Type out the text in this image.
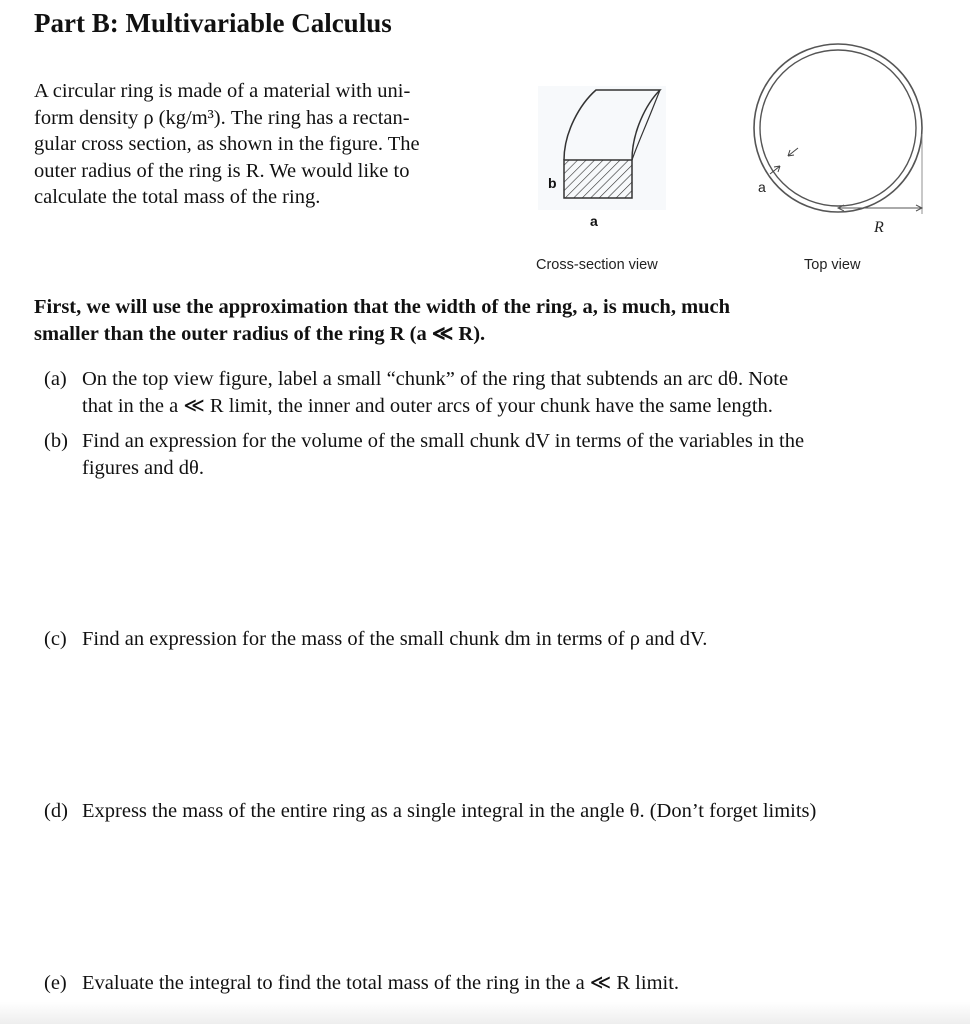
Part B: Multivariable Calculus
A circular ring is made of a material with uni-
form density ρ (kg/m³). The ring has a rectan-
gular cross section, as shown in the figure. The
outer radius of the ring is R. We would like to
calculate the total mass of the ring.
b
a
a
R
Cross-section view	Top view
First, we will use the approximation that the width of the ring, a, is much, much
smaller than the outer radius of the ring R (a ≪ R).
(a) On the top view figure, label a small “chunk” of the ring that subtends an arc dθ. Note
that in the a ≪ R limit, the inner and outer arcs of your chunk have the same length.
(b) Find an expression for the volume of the small chunk dV in terms of the variables in the
figures and dθ.
(c) Find an expression for the mass of the small chunk dm in terms of ρ and dV.
(d) Express the mass of the entire ring as a single integral in the angle θ. (Don’t forget limits)
(e) Evaluate the integral to find the total mass of the ring in the a ≪ R limit.
